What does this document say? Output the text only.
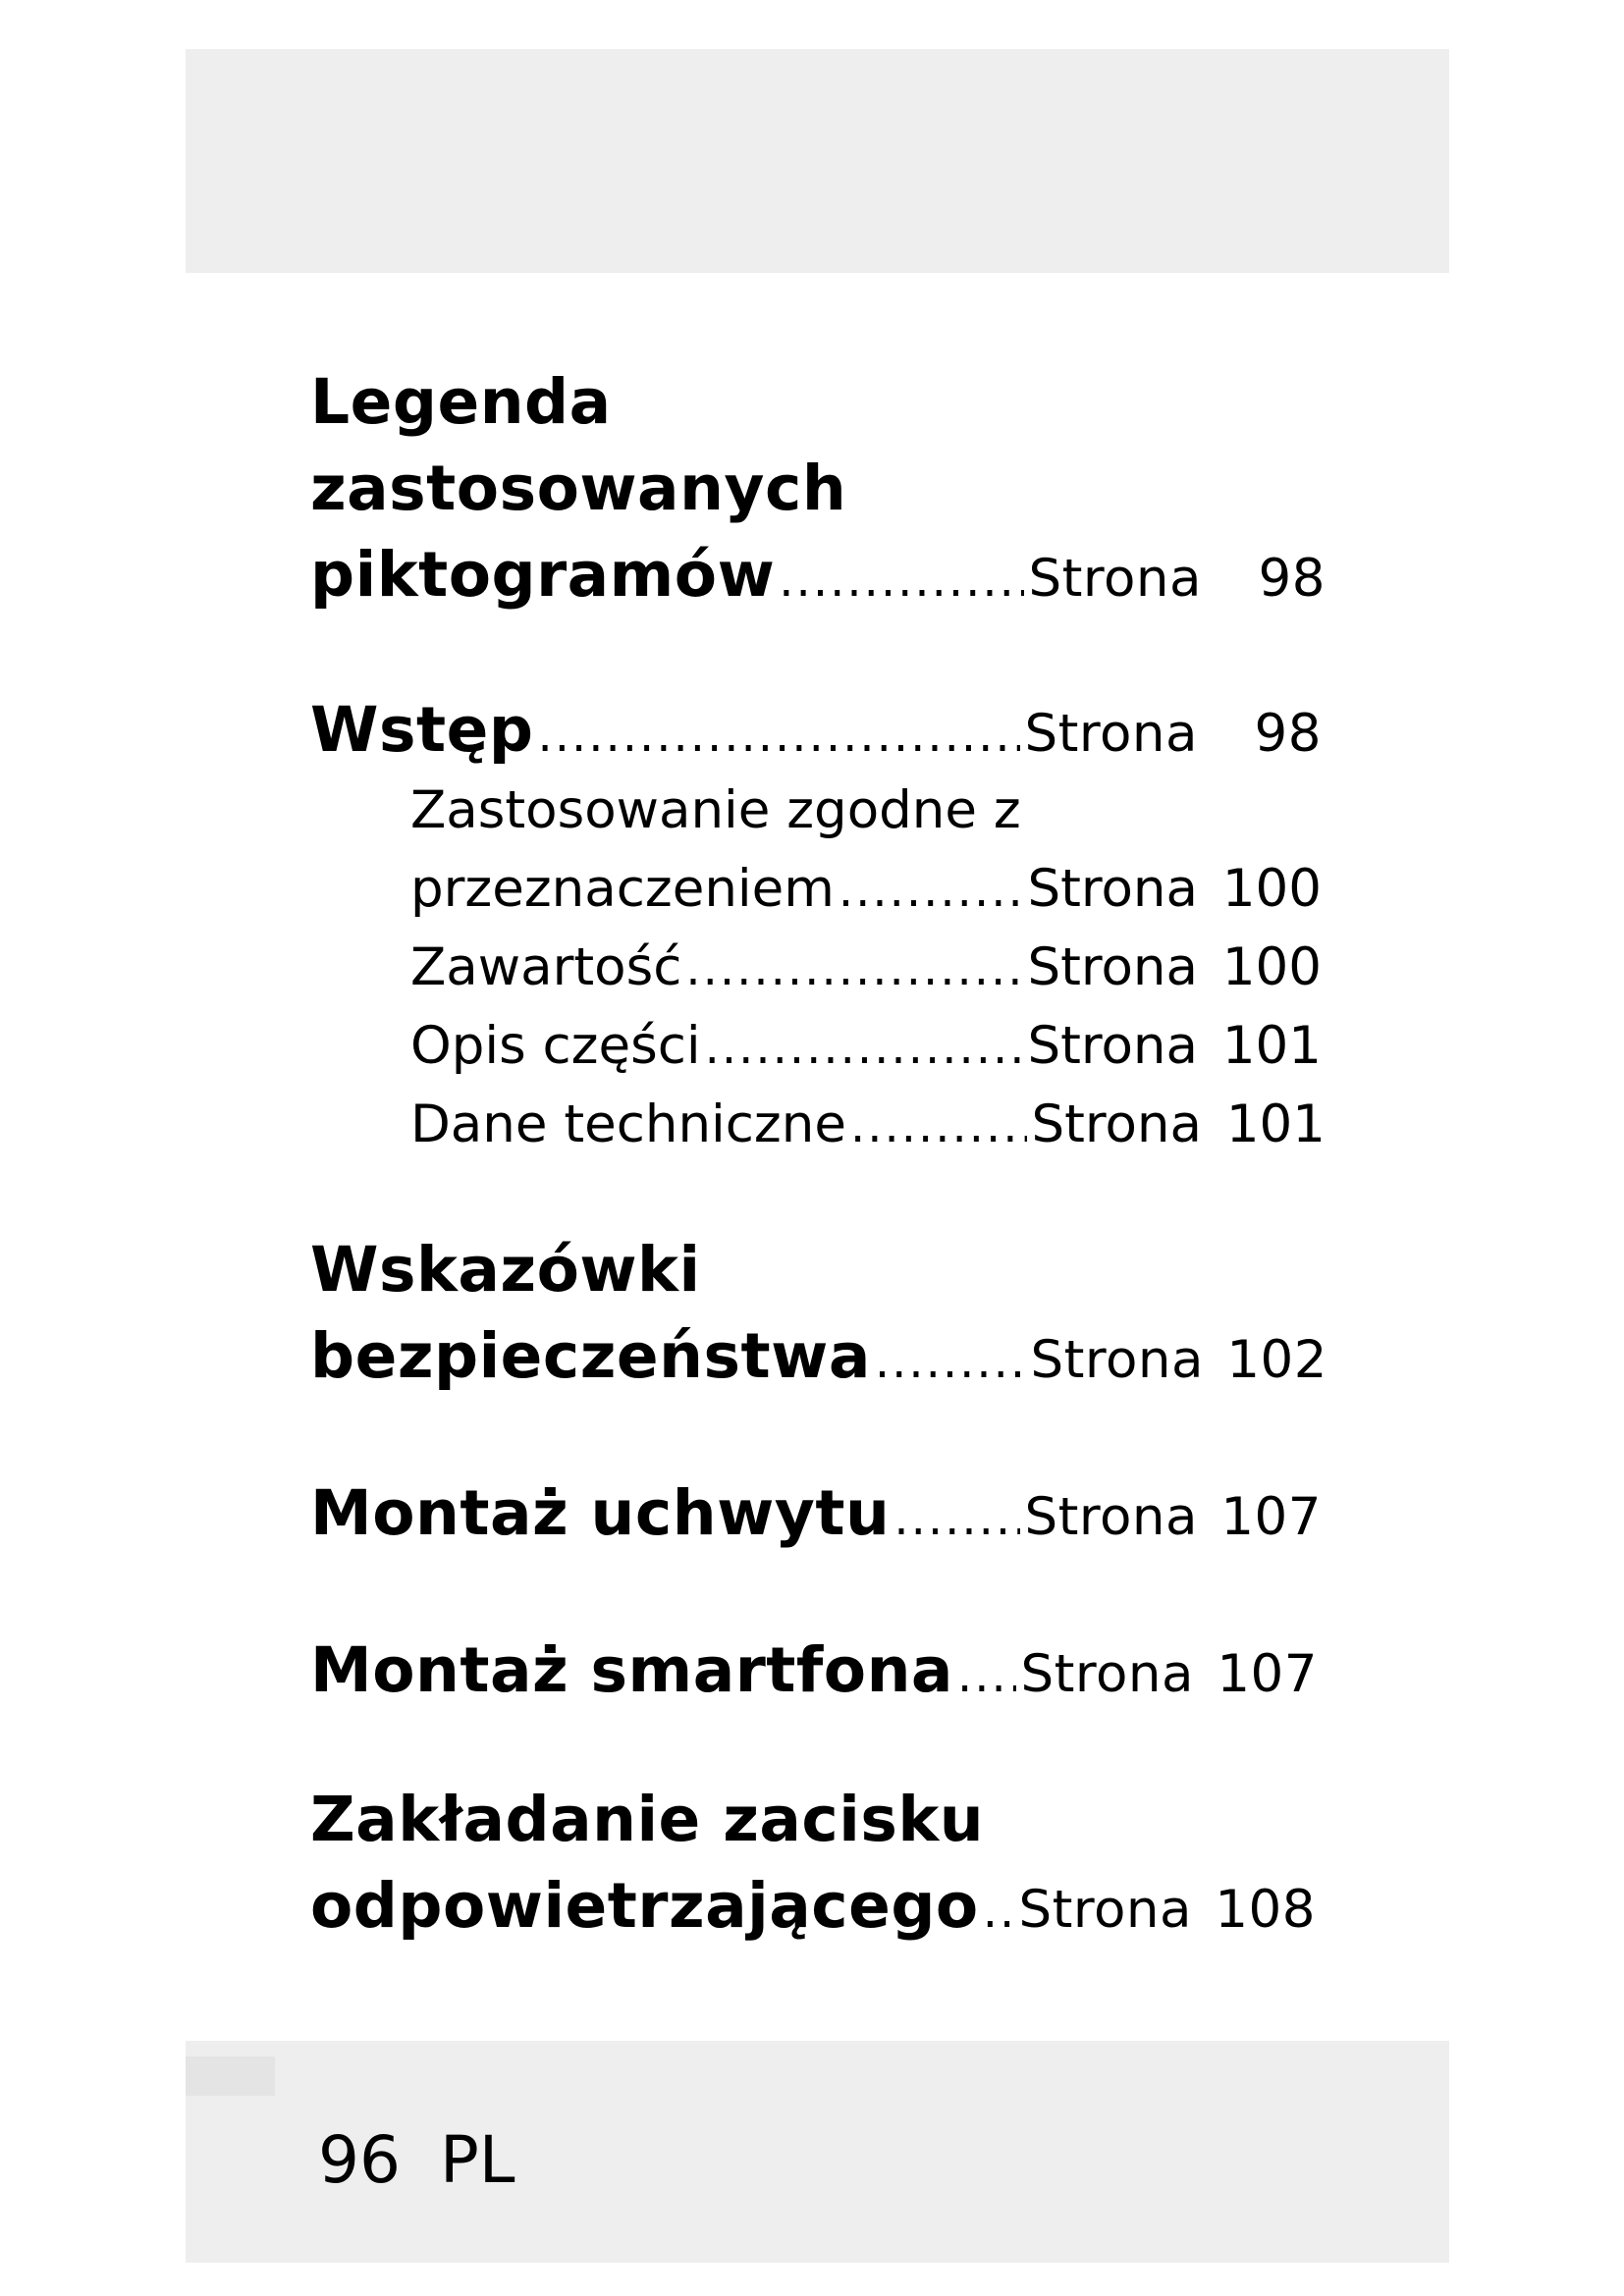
Legenda
zastosowanych
piktogramów .....	Strona 98
Wstęp .....	Strona 98
Zastosowanie zgodne z
przeznaczeniem .....	Strona 100
Zawartość .....	Strona 100
Opis części .....	Strona 101
Dane techniczne .....	Strona 101
Wskazówki
bezpieczeństwa .....	Strona 102
Montaż uchwytu .....	Strona 107
Montaż smartfona ..... Strona 107
Zakładanie zacisku
odpowietrzającego ..... Strona 108
96 PL
